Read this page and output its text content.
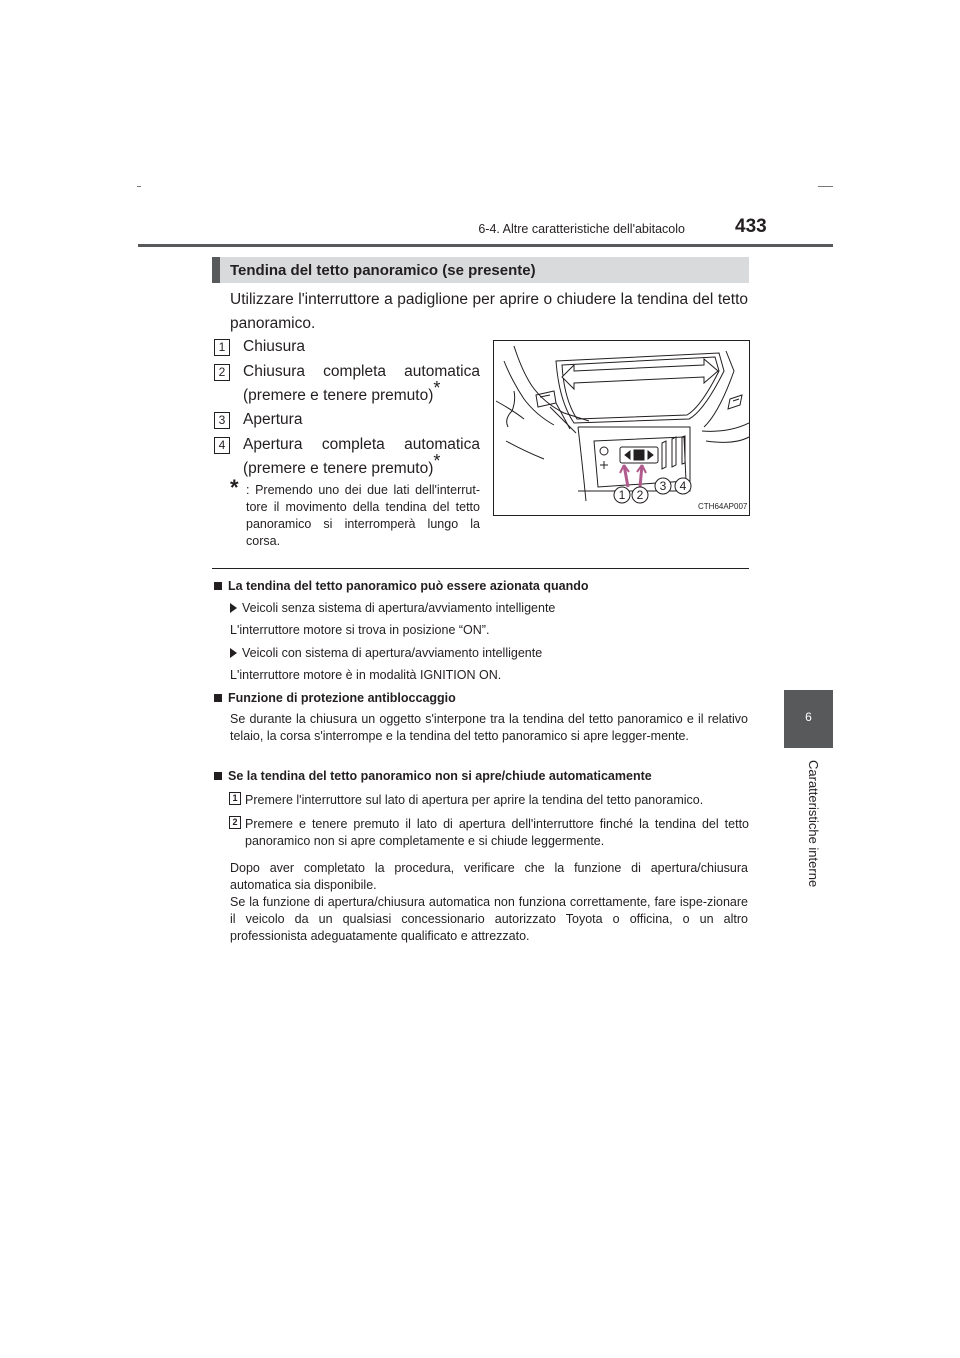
6-4. Altre caratteristiche dell'abitacolo	433
6
Caratteristiche interne
Tendina del tetto panoramico (se presente)
Utilizzare l'interruttore a padiglione per aprire o chiudere la tendina del tetto panoramico.
1	Chiusura
2	Chiusura completa automatica
(premere e tenere premuto)*
3	Apertura
4	Apertura completa automatica
(premere e tenere premuto)*
* : Premendo uno dei due lati dell'interrut-tore il movimento della tendina del tetto panoramico si interromperà lungo la corsa.
1 2
3 4
CTH64AP007
La tendina del tetto panoramico può essere azionata quando
Veicoli senza sistema di apertura/avviamento intelligente
L'interruttore motore si trova in posizione “ON”.
Veicoli con sistema di apertura/avviamento intelligente
L'interruttore motore è in modalità IGNITION ON.
Funzione di protezione antibloccaggio
Se durante la chiusura un oggetto s'interpone tra la tendina del tetto panoramico e il relativo telaio, la corsa s'interrompe e la tendina del tetto panoramico si apre legger-mente.
Se la tendina del tetto panoramico non si apre/chiude automaticamente
1 Premere l'interruttore sul lato di apertura per aprire la tendina del tetto panoramico.
2 Premere e tenere premuto il lato di apertura dell'interruttore finché la tendina del tetto panoramico non si apre completamente e si chiude leggermente.
Dopo aver completato la procedura, verificare che la funzione di apertura/chiusura automatica sia disponibile.
Se la funzione di apertura/chiusura automatica non funziona correttamente, fare ispe-zionare il veicolo da un qualsiasi concessionario autorizzato Toyota o officina, o un altro professionista adeguatamente qualificato e attrezzato.
